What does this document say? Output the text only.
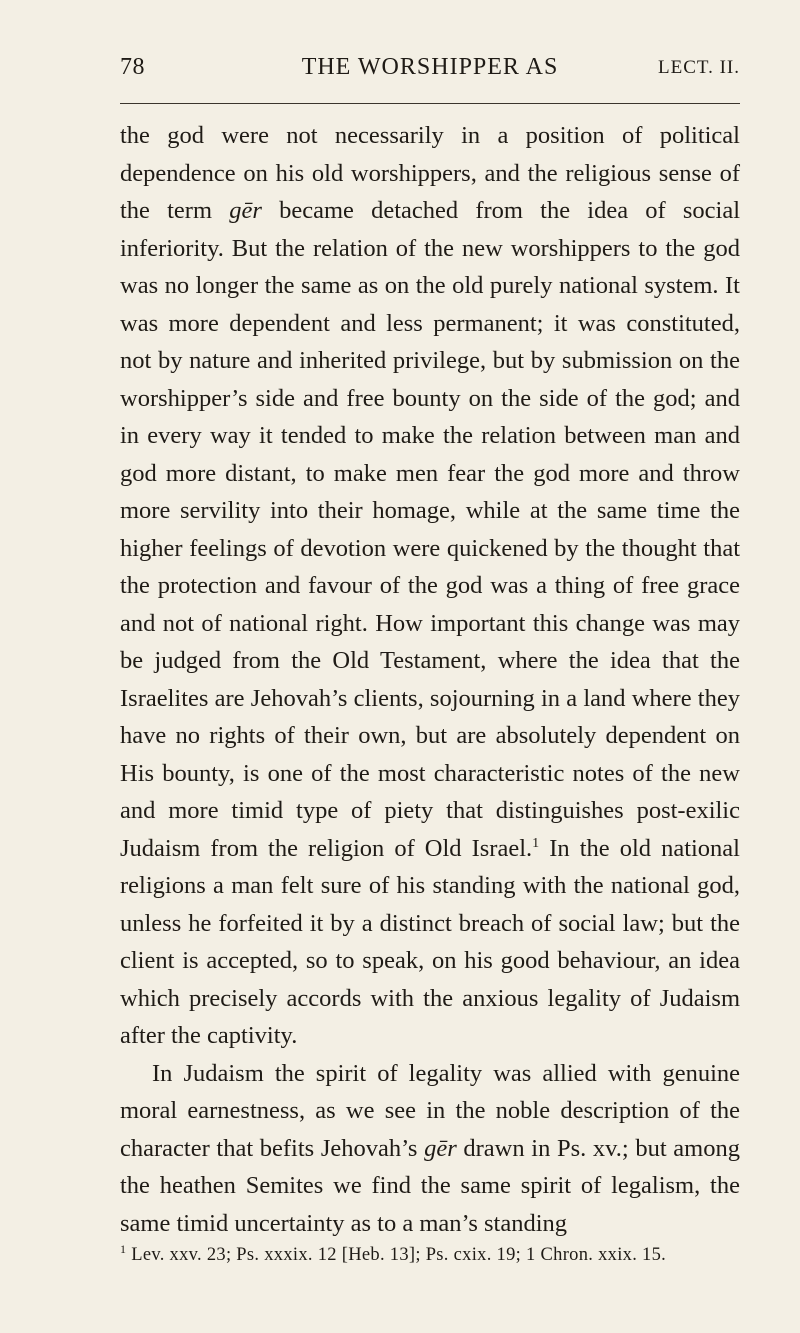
78	THE WORSHIPPER AS	LECT. II.

the god were not necessarily in a position of political dependence on his old worshippers, and the religious sense of the term gēr became detached from the idea of social inferiority. But the relation of the new worshippers to the god was no longer the same as on the old purely national system. It was more dependent and less permanent; it was constituted, not by nature and inherited privilege, but by submission on the worshipper’s side and free bounty on the side of the god; and in every way it tended to make the relation between man and god more distant, to make men fear the god more and throw more servility into their homage, while at the same time the higher feelings of devotion were quickened by the thought that the protection and favour of the god was a thing of free grace and not of national right. How important this change was may be judged from the Old Testament, where the idea that the Israelites are Jehovah’s clients, sojourning in a land where they have no rights of their own, but are absolutely dependent on His bounty, is one of the most characteristic notes of the new and more timid type of piety that distinguishes post-exilic Judaism from the religion of Old Israel.$^1$ In the old national religions a man felt sure of his standing with the national god, unless he forfeited it by a distinct breach of social law; but the client is accepted, so to speak, on his good behaviour, an idea which precisely accords with the anxious legality of Judaism after the captivity.

In Judaism the spirit of legality was allied with genuine moral earnestness, as we see in the noble description of the character that befits Jehovah’s gēr drawn in Ps. xv.; but among the heathen Semites we find the same spirit of legalism, the same timid uncertainty as to a man’s standing

$^1$ Lev. xxv. 23; Ps. xxxix. 12 [Heb. 13]; Ps. cxix. 19; 1 Chron. xxix. 15.
